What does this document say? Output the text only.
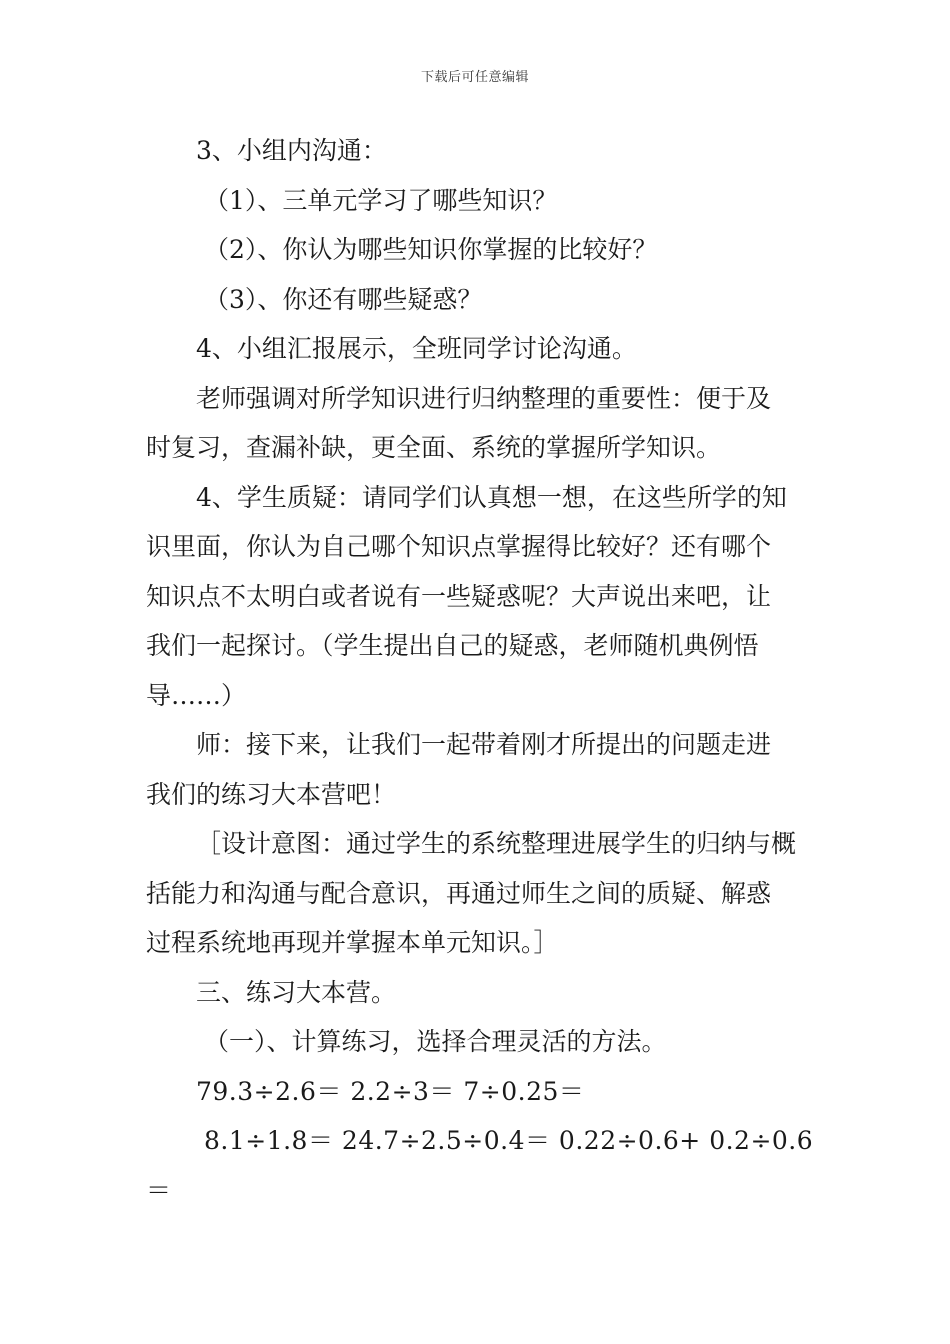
下载后可任意编辑

3、小组内沟通：

（1）、三单元学习了哪些知识？

（2）、你认为哪些知识你掌握的比较好？

（3）、你还有哪些疑惑？

4、小组汇报展示，全班同学讨论沟通。

老师强调对所学知识进行归纳整理的重要性：便于及

时复习，查漏补缺，更全面、系统的掌握所学知识。

4、学生质疑：请同学们认真想一想，在这些所学的知

识里面，你认为自己哪个知识点掌握得比较好？还有哪个

知识点不太明白或者说有一些疑惑呢？大声说出来吧，让

我们一起探讨。（学生提出自己的疑惑，老师随机典例悟

导……）

师：接下来，让我们一起带着刚才所提出的问题走进

我们的练习大本营吧！

［设计意图：通过学生的系统整理进展学生的归纳与概

括能力和沟通与配合意识，再通过师生之间的质疑、解惑

过程系统地再现并掌握本单元知识。］

三、练习大本营。

（一）、计算练习，选择合理灵活的方法。

79.3÷2.6＝ 2.2÷3＝ 7÷0.25＝

8.1÷1.8＝ 24.7÷2.5÷0.4＝ 0.22÷0.6+ 0.2÷0.6

＝
